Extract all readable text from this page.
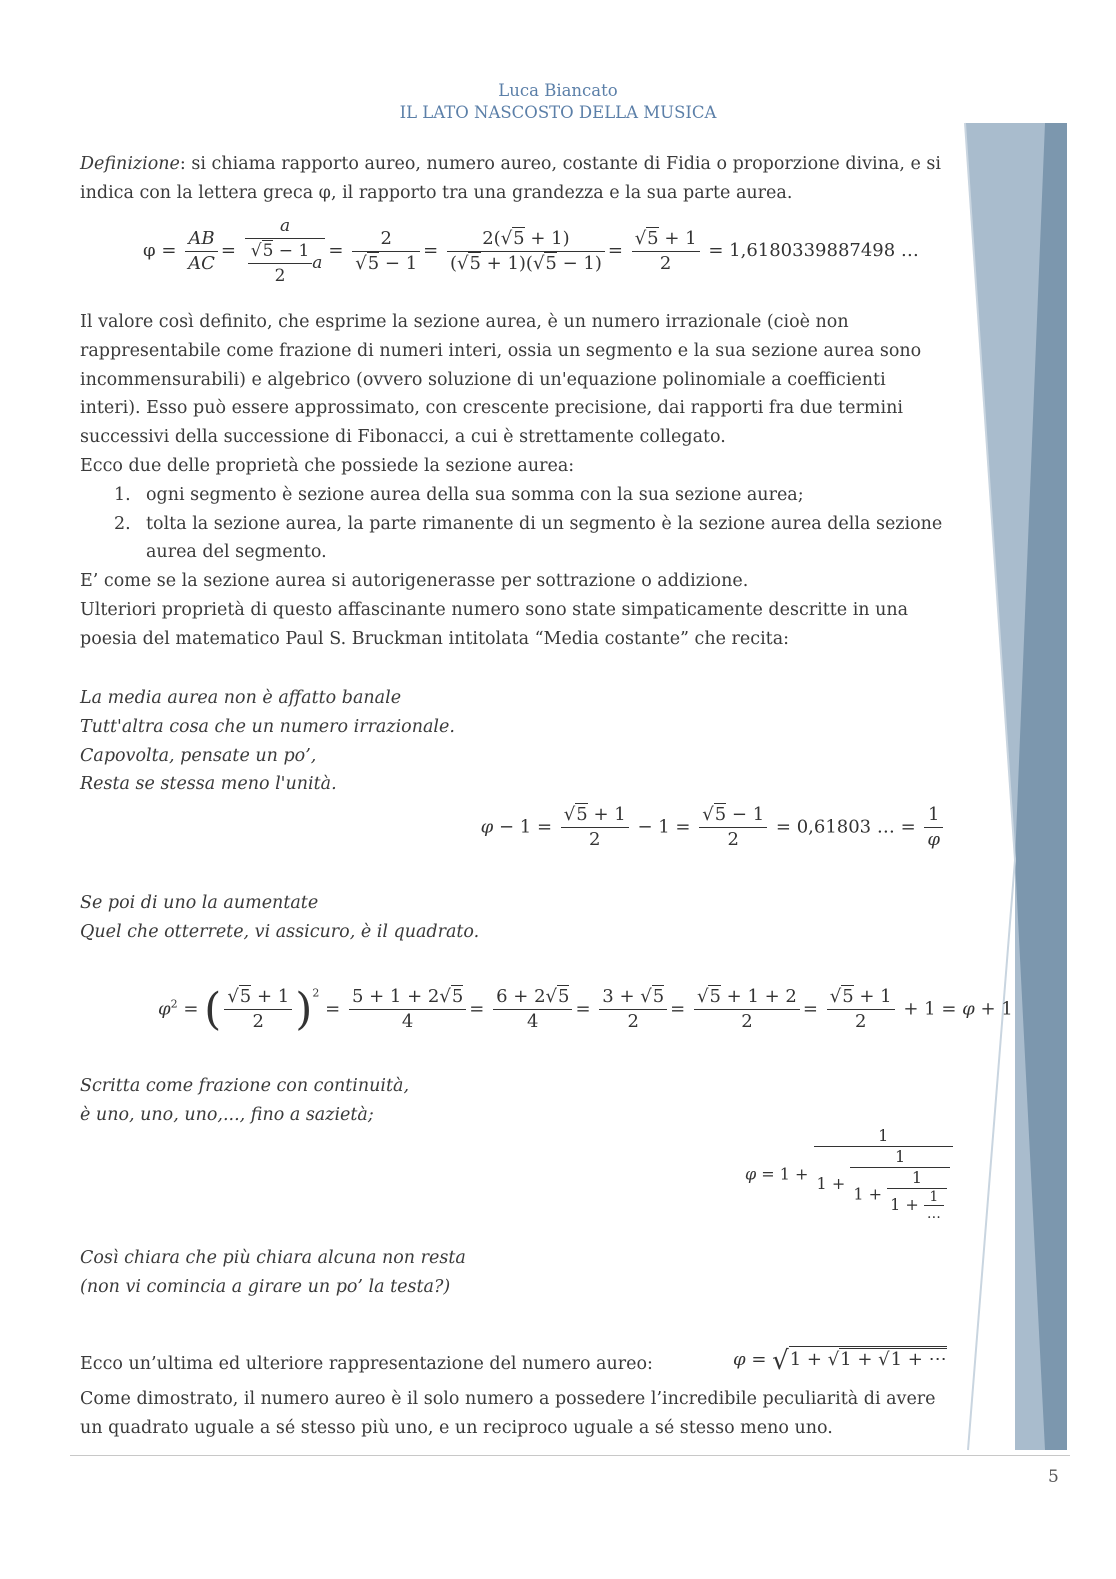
Luca Biancato
IL LATO NASCOSTO DELLA MUSICA
Definizione: si chiama rapporto aureo, numero aureo, costante di Fidia o proporzione divina, e si indica con la lettera greca φ, il rapporto tra una grandezza e la sua parte aurea.
$\varphi = \frac{AB}{AC} = \frac{a}{\frac{√5 - 1}{2} a} = \frac{2}{√5 - 1} = \frac{2(√5 + 1)}{(√5 + 1)(√5 - 1)} = \frac{√5 + 1}{2} = 1,6180339887498$ …
Il valore così definito, che esprime la sezione aurea, è un numero irrazionale (cioè non rappresentabile come frazione di numeri interi, ossia un segmento e la sua sezione aurea sono incommensurabili) e algebrico (ovvero soluzione di un'equazione polinomiale a coefficienti interi). Esso può essere approssimato, con crescente precisione, dai rapporti fra due termini successivi della successione di Fibonacci, a cui è strettamente collegato.
Ecco due delle proprietà che possiede la sezione aurea:
1. ogni segmento è sezione aurea della sua somma con la sua sezione aurea;
2. tolta la sezione aurea, la parte rimanente di un segmento è la sezione aurea della sezione aurea del segmento.
E’ come se la sezione aurea si autorigenerasse per sottrazione o addizione.
Ulteriori proprietà di questo affascinante numero sono state simpaticamente descritte in una poesia del matematico Paul S. Bruckman intitolata “Media costante” che recita:
La media aurea non è affatto banale
Tutt'altra cosa che un numero irrazionale.
Capovolta, pensate un po’,
Resta se stessa meno l'unità.
$\varphi - 1 = \frac{√5 + 1}{2} - 1 = \frac{√5 - 1}{2} = 0,61803$ … = $\frac{1}{\varphi}$
Se poi di uno la aumentate
Quel che otterrete, vi assicuro, è il quadrato.
$\varphi^2$ = ( $\frac{√5 + 1}{2} )^2 = \frac{5 + 1 + 2√5}{4} = \frac{6 + 2√5}{4} = \frac{3 + √5}{2} = \frac{√5 + 1 + 2}{2} = \frac{√5 + 1}{2} + 1 = \varphi + 1$
Scritta come frazione con continuità,
è uno, uno, uno,..., fino a sazietà;
$\varphi = 1 + \frac{1}{1 + \frac{1}{1 + \frac{1}{1 + \frac{1}{\dots}}}}$
Così chiara che più chiara alcuna non resta
(non vi comincia a girare un po’ la testa?)
Ecco un’ultima ed ulteriore rappresentazione del numero aureo:	φ = √1 + √1 + √1 + ⋯
Come dimostrato, il numero aureo è il solo numero a possedere l’incredibile peculiarità di avere un quadrato uguale a sé stesso più uno, e un reciproco uguale a sé stesso meno uno.
5
